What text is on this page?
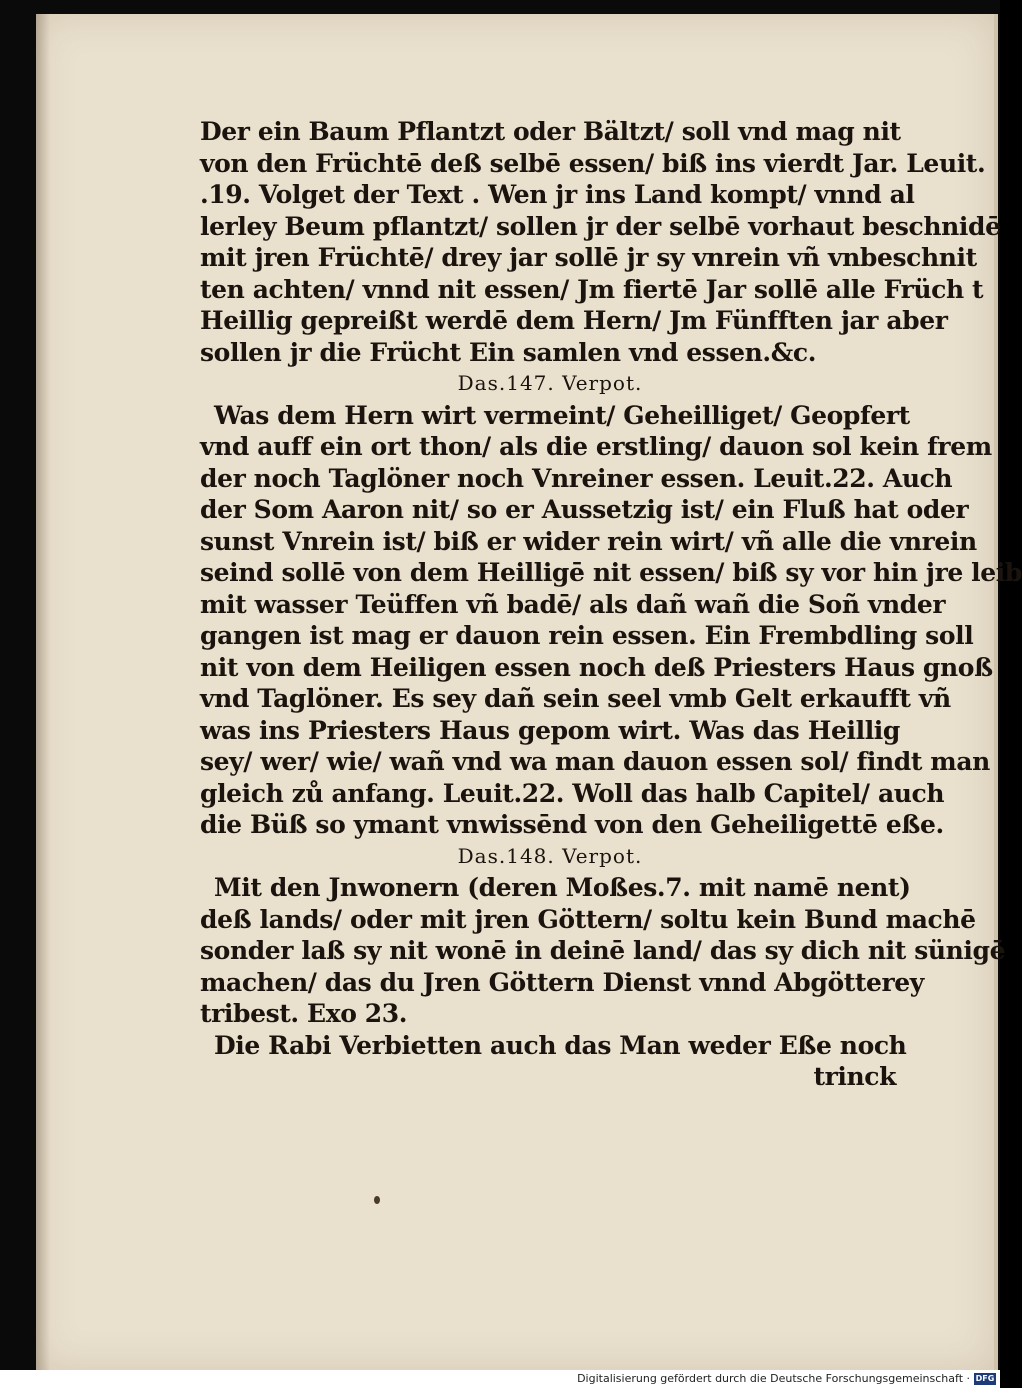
Der ein Baum Pflantzt oder Bältzt/ soll vnd mag nit
von den Früchtē deß selbē essen/ biß ins vierdt Jar. Leuit.
.19. Volget der Text . Wen jr ins Land kompt/ vnnd al
lerley Beum pflantzt/ sollen jr der selbē vorhaut beschnidē
mit jren Früchtē/ drey jar sollē jr sy vnrein vñ vnbeschnit
ten achten/ vnnd nit essen/ Jm fiertē Jar sollē alle Früch t
Heillig gepreißt werdē dem Hern/ Jm Fünfften jar aber
sollen jr die Frücht Ein samlen vnd essen.&c.
Das.147. Verpot.
Was dem Hern wirt vermeint/ Geheilliget/ Geopfert
vnd auff ein ort thon/ als die erstling/ dauon sol kein frem
der noch Taglöner noch Vnreiner essen. Leuit.22. Auch
der Som Aaron nit/ so er Aussetzig ist/ ein Fluß hat oder
sunst Vnrein ist/ biß er wider rein wirt/ vñ alle die vnrein
seind sollē von dem Heilligē nit essen/ biß sy vor hin jre leib
mit wasser Teüffen vñ badē/ als dañ wañ die Soñ vnder
gangen ist mag er dauon rein essen. Ein Frembdling soll
nit von dem Heiligen essen noch deß Priesters Haus gnoß
vnd Taglöner. Es sey dañ sein seel vmb Gelt erkaufft vñ
was ins Priesters Haus gepom wirt. Was das Heillig
sey/ wer/ wie/ wañ vnd wa man dauon essen sol/ findt man
gleich zů anfang. Leuit.22. Woll das halb Capitel/ auch
die Büß so ymant vnwissēnd von den Geheiligettē eße.
Das.148. Verpot.
Mit den Jnwonern (deren Moßes.7. mit namē nent)
deß lands/ oder mit jren Göttern/ soltu kein Bund machē
sonder laß sy nit wonē in deinē land/ das sy dich nit sünigē
machen/ das du Jren Göttern Dienst vnnd Abgötterey
tribest. Exo 23.
Die Rabi Verbietten auch das Man weder Eße noch
trinck
Digitalisierung gefördert durch die Deutsche Forschungsgemeinschaft · DFG
